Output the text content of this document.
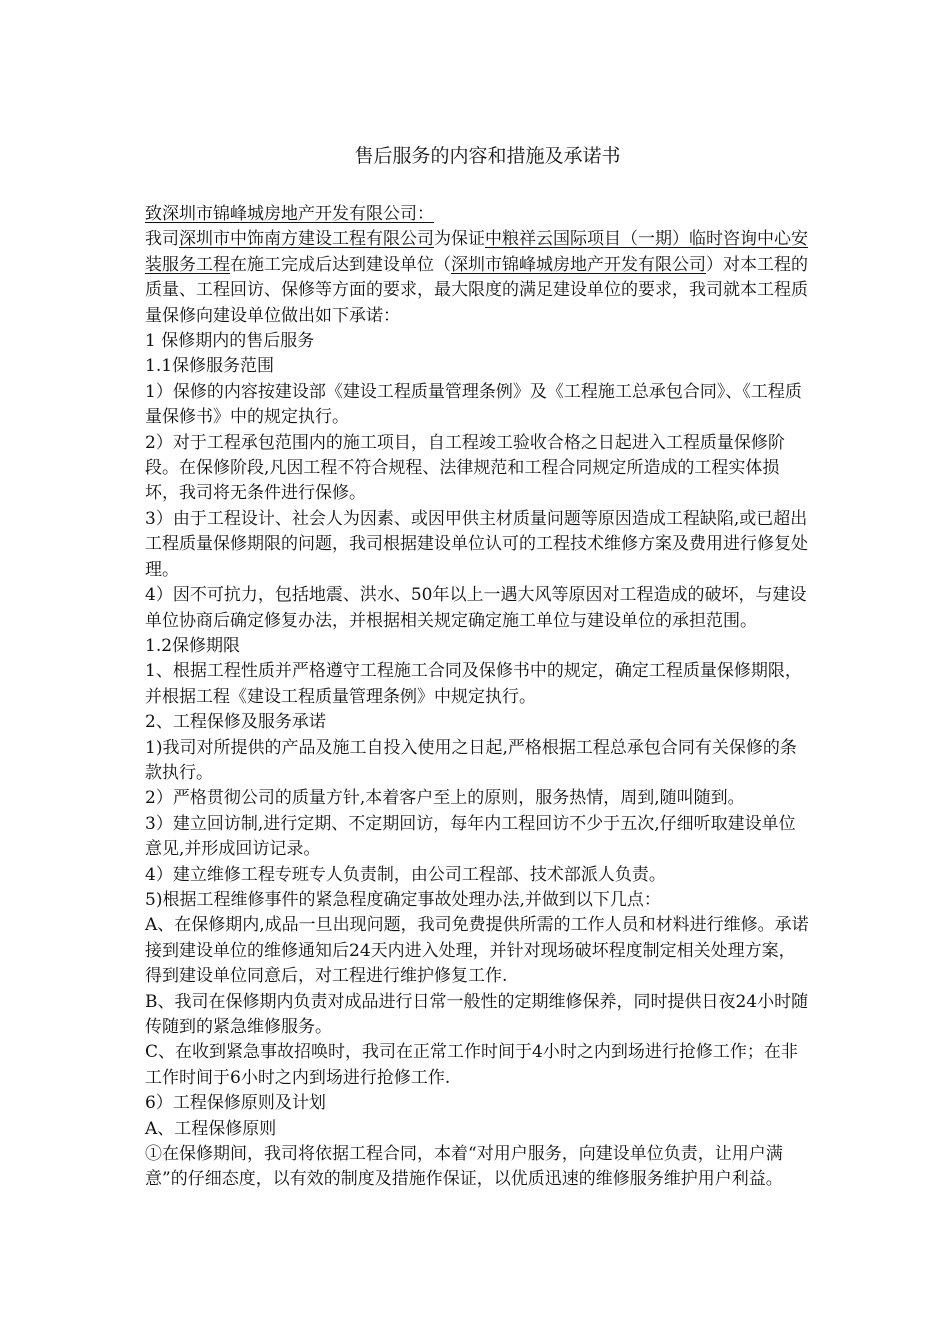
售后服务的内容和措施及承诺书

致深圳市锦峰城房地产开发有限公司：

我司深圳市中饰南方建设工程有限公司为保证中粮祥云国际项目（一期）临时咨询中心安装服务工程在施工完成后达到建设单位（深圳市锦峰城房地产开发有限公司）对本工程的质量、工程回访、保修等方面的要求，最大限度的满足建设单位的要求，我司就本工程质量保修向建设单位做出如下承诺：

1 保修期内的售后服务

1.1保修服务范围

1）保修的内容按建设部《建设工程质量管理条例》及《工程施工总承包合同》、《工程质量保修书》中的规定执行。

2）对于工程承包范围内的施工项目，自工程竣工验收合格之日起进入工程质量保修阶段。在保修阶段,凡因工程不符合规程、法律规范和工程合同规定所造成的工程实体损坏，我司将无条件进行保修。

3）由于工程设计、社会人为因素、或因甲供主材质量问题等原因造成工程缺陷,或已超出工程质量保修期限的问题，我司根据建设单位认可的工程技术维修方案及费用进行修复处理。

4）因不可抗力，包括地震、洪水、50年以上一遇大风等原因对工程造成的破坏，与建设单位协商后确定修复办法，并根据相关规定确定施工单位与建设单位的承担范围。

1.2保修期限

1、根据工程性质并严格遵守工程施工合同及保修书中的规定，确定工程质量保修期限，并根据工程《建设工程质量管理条例》中规定执行。

2、工程保修及服务承诺

1)我司对所提供的产品及施工自投入使用之日起,严格根据工程总承包合同有关保修的条款执行。

2）严格贯彻公司的质量方针,本着客户至上的原则，服务热情，周到,随叫随到。

3）建立回访制,进行定期、不定期回访，每年内工程回访不少于五次,仔细听取建设单位意见,并形成回访记录。

4）建立维修工程专班专人负责制，由公司工程部、技术部派人负责。

5)根据工程维修事件的紧急程度确定事故处理办法,并做到以下几点：

A、在保修期内,成品一旦出现问题，我司免费提供所需的工作人员和材料进行维修。承诺接到建设单位的维修通知后24天内进入处理，并针对现场破坏程度制定相关处理方案，得到建设单位同意后，对工程进行维护修复工作.

B、我司在保修期内负责对成品进行日常一般性的定期维修保养，同时提供日夜24小时随传随到的紧急维修服务。

C、在收到紧急事故招唤时，我司在正常工作时间于4小时之内到场进行抢修工作；在非工作时间于6小时之内到场进行抢修工作.

6）工程保修原则及计划

A、工程保修原则

①在保修期间，我司将依据工程合同，本着“对用户服务，向建设单位负责，让用户满意”的仔细态度，以有效的制度及措施作保证，以优质迅速的维修服务维护用户利益。
